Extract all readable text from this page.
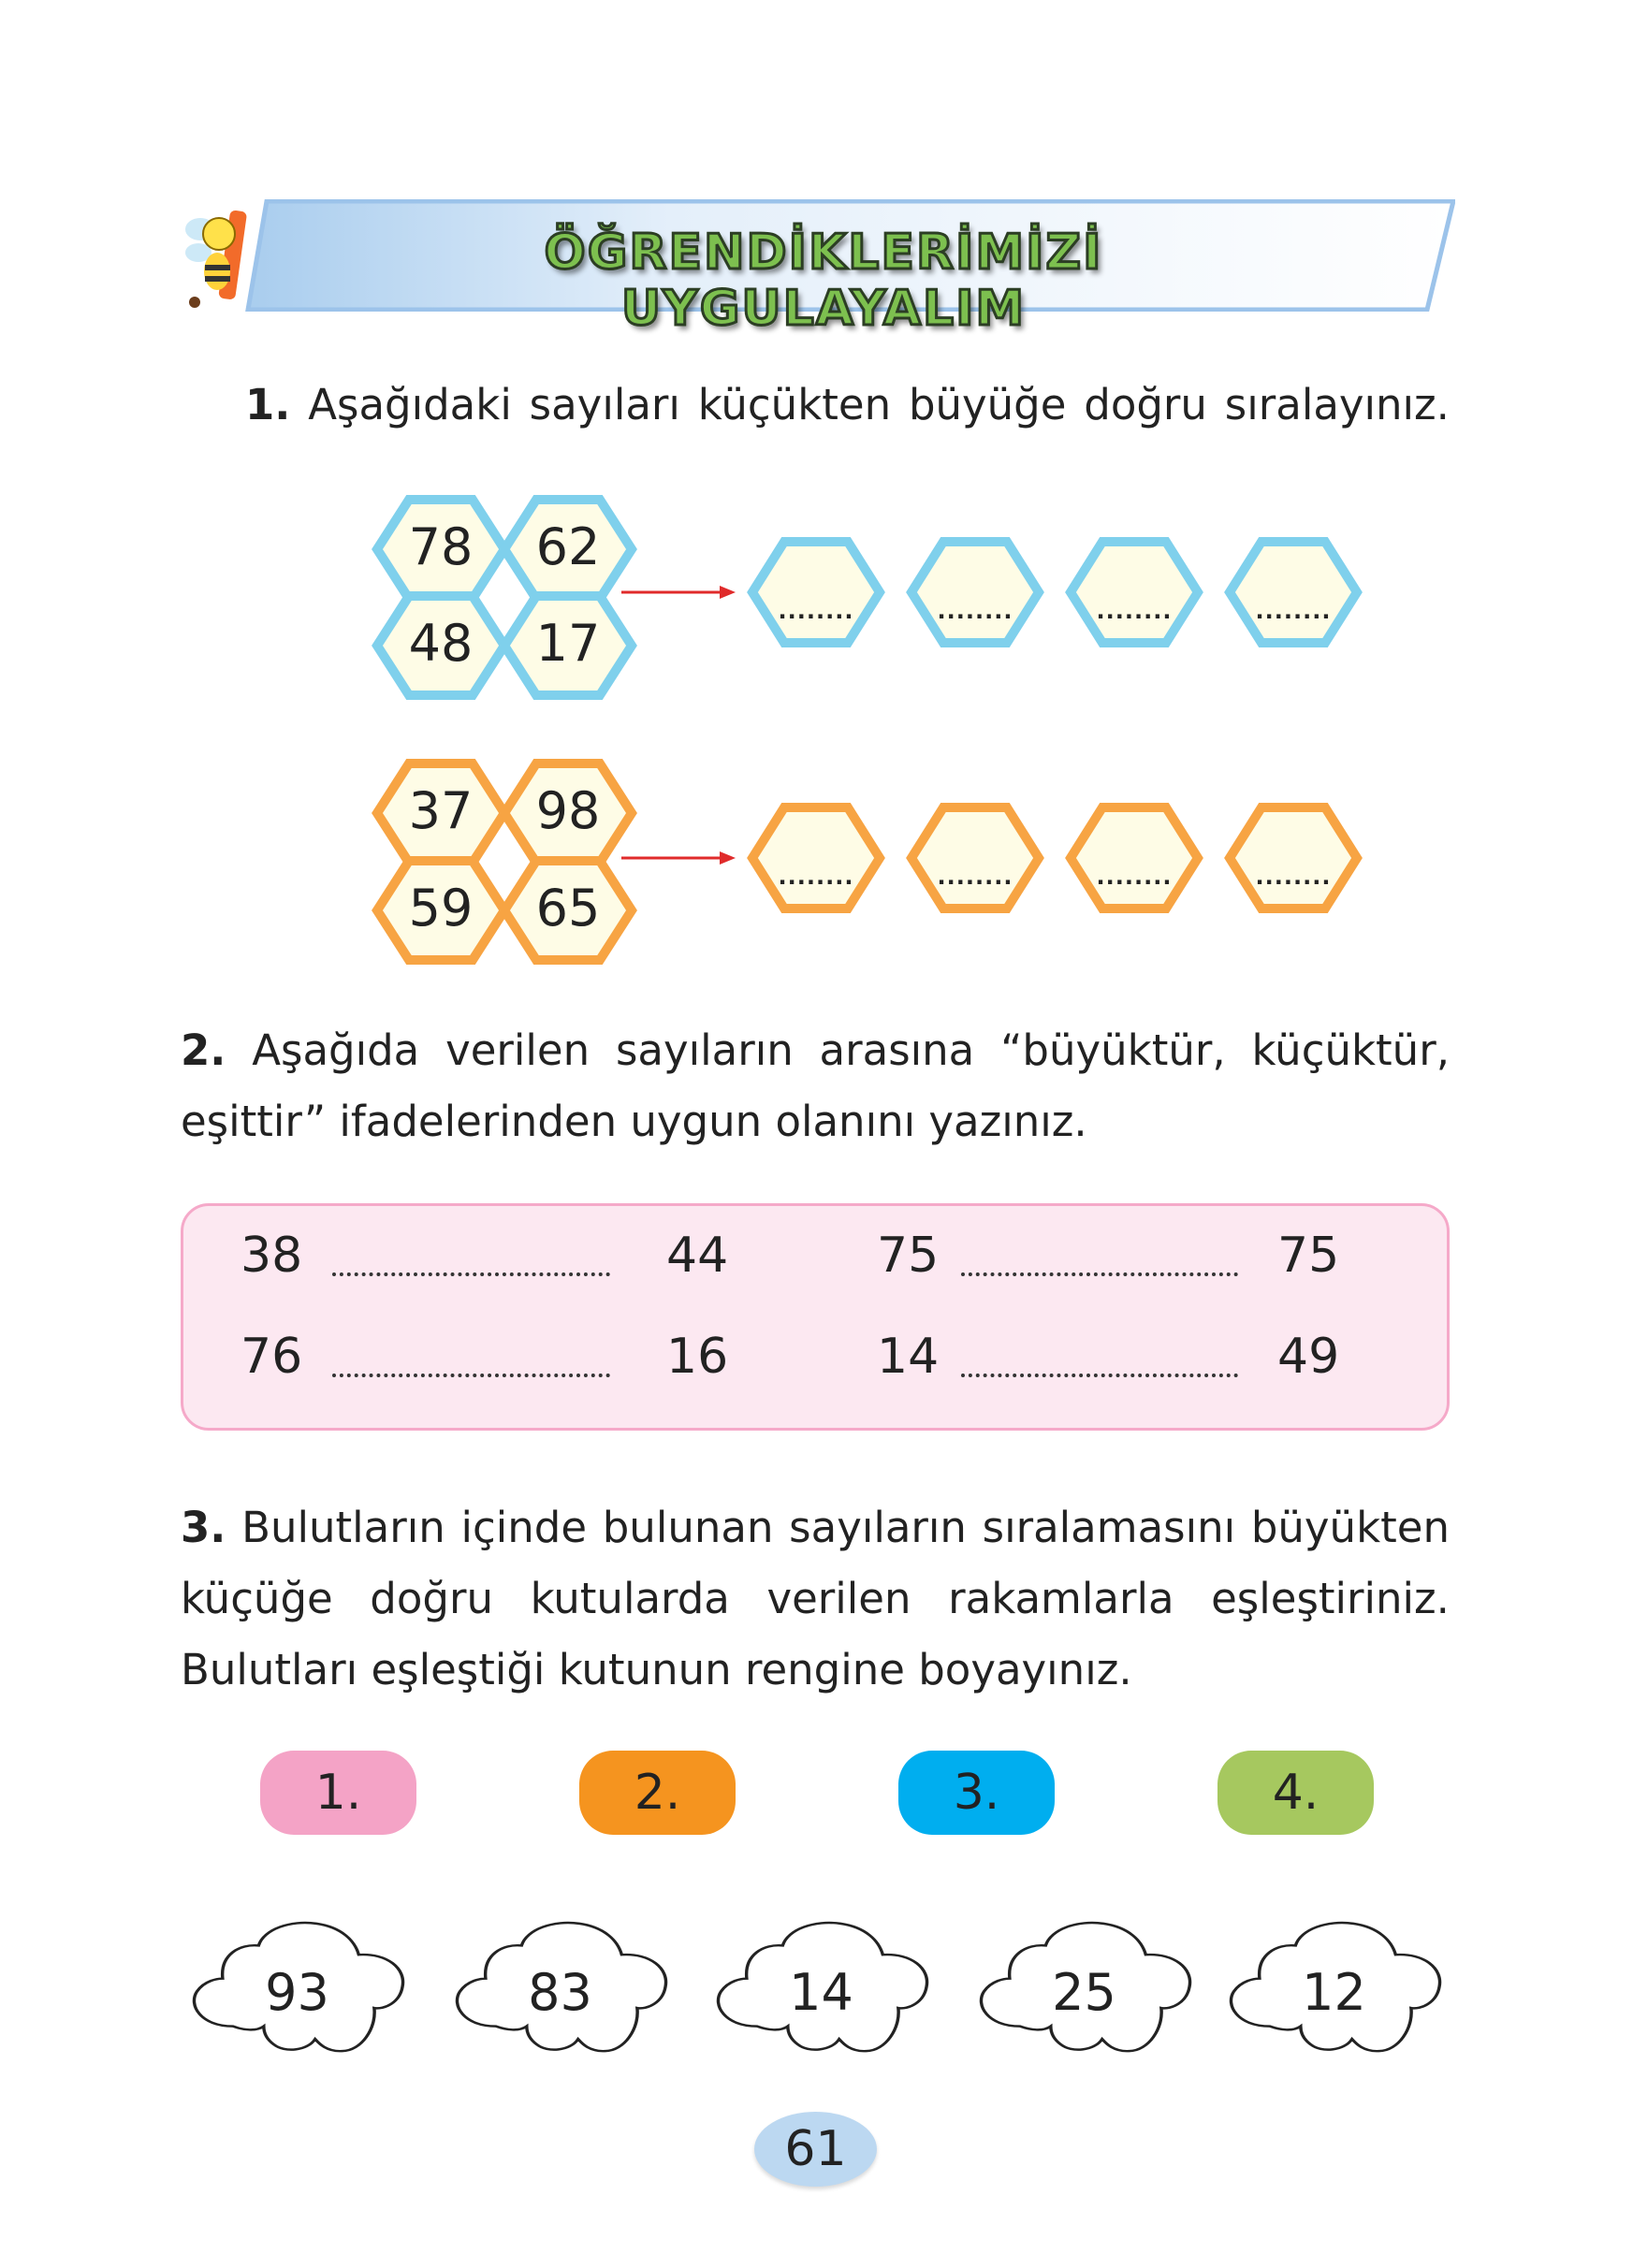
ÖĞRENDİKLERİMİZİ UYGULAYALIM
1. Aşağıdaki sayıları küçükten büyüğe doğru sıralayınız.
78	62
48	17
........	........	........	........
37	98
59	65
........	........	........	........
2. Aşağıda verilen sayıların arasına “büyüktür, küçüktür, eşittir” ifadelerinden uygun olanını yazınız.
38	44	75	75
76	16	14	49
3. Bulutların içinde bulunan sayıların sıralamasını büyükten küçüğe doğru kutularda verilen rakamlarla eşleştiriniz. Bulutları eşleştiği kutunun rengine boyayınız.
1.	2.	3.	4.
93	83	14	25	12
61
